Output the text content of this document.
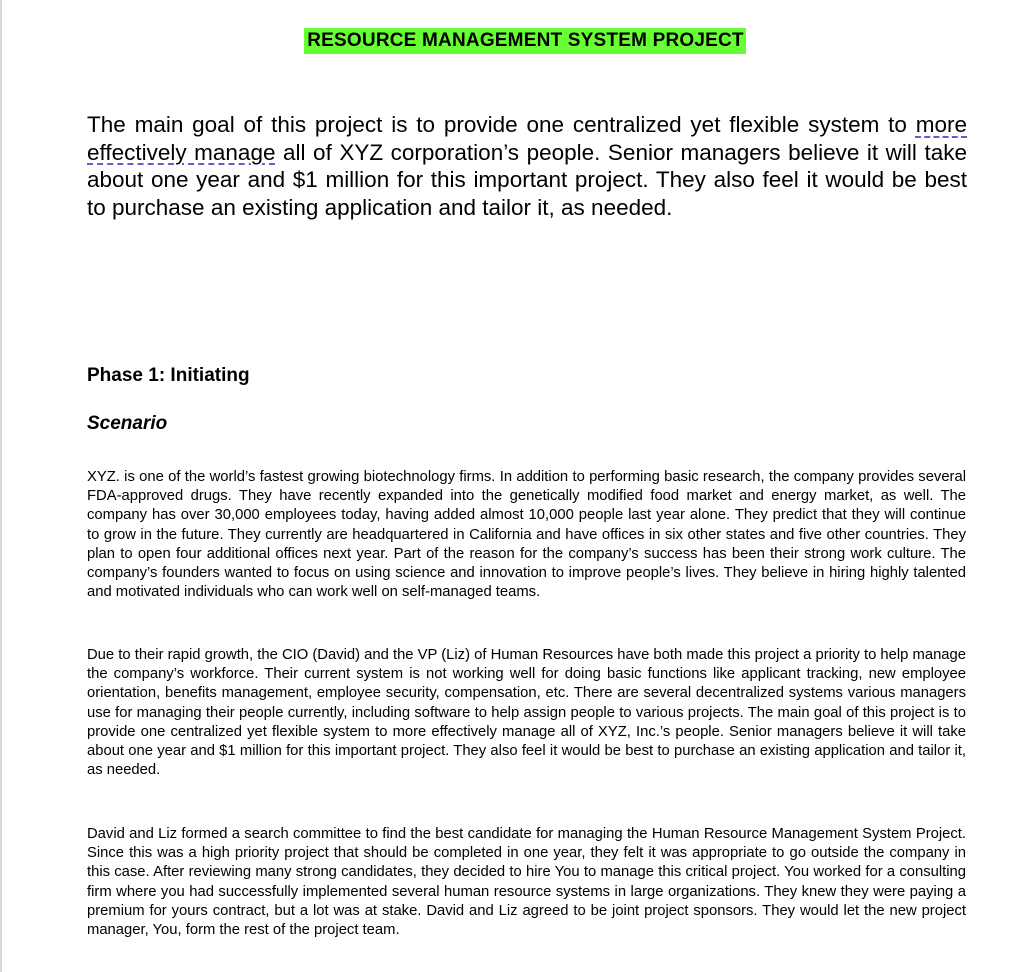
RESOURCE MANAGEMENT SYSTEM PROJECT
The main goal of this project is to provide one centralized yet flexible system to more effectively manage all of XYZ corporation’s people. Senior managers believe it will take about one year and $1 million for this important project. They also feel it would be best to purchase an existing application and tailor it, as needed.
Phase 1: Initiating
Scenario

XYZ. is one of the world’s fastest growing biotechnology firms. In addition to performing basic research, the company provides several FDA-approved drugs. They have recently expanded into the genetically modified food market and energy market, as well. The company has over 30,000 employees today, having added almost 10,000 people last year alone. They predict that they will continue to grow in the future. They currently are headquartered in California and have offices in six other states and five other countries. They plan to open four additional offices next year. Part of the reason for the company’s success has been their strong work culture. The company’s founders wanted to focus on using science and innovation to improve people’s lives. They believe in hiring highly talented and motivated individuals who can work well on self-managed teams.

Due to their rapid growth, the CIO (David) and the VP (Liz) of Human Resources have both made this project a priority to help manage the company’s workforce. Their current system is not working well for doing basic functions like applicant tracking, new employee orientation, benefits management, employee security, compensation, etc. There are several decentralized systems various managers use for managing their people currently, including software to help assign people to various projects. The main goal of this project is to provide one centralized yet flexible system to more effectively manage all of XYZ, Inc.’s people. Senior managers believe it will take about one year and $1 million for this important project. They also feel it would be best to purchase an existing application and tailor it, as needed.

David and Liz formed a search committee to find the best candidate for managing the Human Resource Management System Project. Since this was a high priority project that should be completed in one year, they felt it was appropriate to go outside the company in this case. After reviewing many strong candidates, they decided to hire You to manage this critical project. You worked for a consulting firm where you had successfully implemented several human resource systems in large organizations. They knew they were paying a premium for yours contract, but a lot was at stake. David and Liz agreed to be joint project sponsors. They would let the new project manager, You, form the rest of the project team.
